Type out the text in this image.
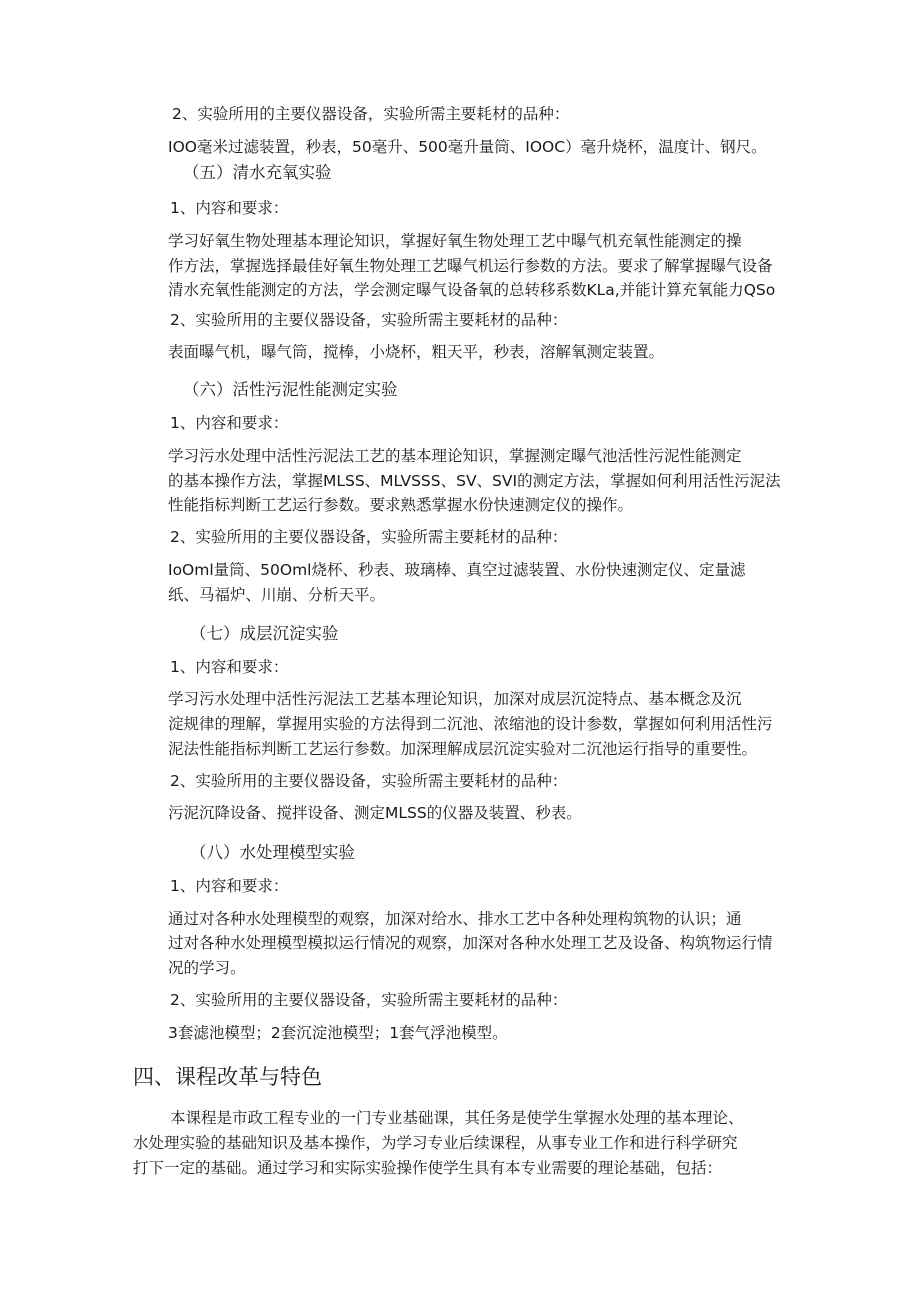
2、实验所用的主要仪器设备，实验所需主要耗材的品种：
IOO毫米过滤装置，秒表，50毫升、500毫升量筒、IOOC）毫升烧杯，温度计、钢尺。
（五）清水充氧实验
1、内容和要求：
学习好氧生物处理基本理论知识，掌握好氧生物处理工艺中曝气机充氧性能测定的操
作方法，掌握选择最佳好氧生物处理工艺曝气机运行参数的方法。要求了解掌握曝气设备
清水充氧性能测定的方法，学会测定曝气设备氧的总转移系数KLa,并能计算充氧能力QSo
2、实验所用的主要仪器设备，实验所需主要耗材的品种：
表面曝气机，曝气筒，搅棒，小烧杯，粗天平，秒表，溶解氧测定装置。
（六）活性污泥性能测定实验
1、内容和要求：
学习污水处理中活性污泥法工艺的基本理论知识，掌握测定曝气池活性污泥性能测定
的基本操作方法，掌握MLSS、MLVSSS、SV、SVI的测定方法，掌握如何利用活性污泥法
性能指标判断工艺运行参数。要求熟悉掌握水份快速测定仪的操作。
2、实验所用的主要仪器设备，实验所需主要耗材的品种：
IoOml量筒、50Oml烧杯、秒表、玻璃棒、真空过滤装置、水份快速测定仪、定量滤
纸、马福炉、川崩、分析天平。
（七）成层沉淀实验
1、内容和要求：
学习污水处理中活性污泥法工艺基本理论知识，加深对成层沉淀特点、基本概念及沉
淀规律的理解，掌握用实验的方法得到二沉池、浓缩池的设计参数，掌握如何利用活性污
泥法性能指标判断工艺运行参数。加深理解成层沉淀实验对二沉池运行指导的重要性。
2、实验所用的主要仪器设备，实验所需主要耗材的品种：
污泥沉降设备、搅拌设备、测定MLSS的仪器及装置、秒表。
（八）水处理模型实验
1、内容和要求：
通过对各种水处理模型的观察，加深对给水、排水工艺中各种处理构筑物的认识；通
过对各种水处理模型模拟运行情况的观察，加深对各种水处理工艺及设备、构筑物运行情
况的学习。
2、实验所用的主要仪器设备，实验所需主要耗材的品种：
3套滤池模型；2套沉淀池模型；1套气浮池模型。
四、课程改革与特色
本课程是市政工程专业的一门专业基础课，其任务是使学生掌握水处理的基本理论、
水处理实验的基础知识及基本操作，为学习专业后续课程，从事专业工作和进行科学研究
打下一定的基础。通过学习和实际实验操作使学生具有本专业需要的理论基础，包括：
